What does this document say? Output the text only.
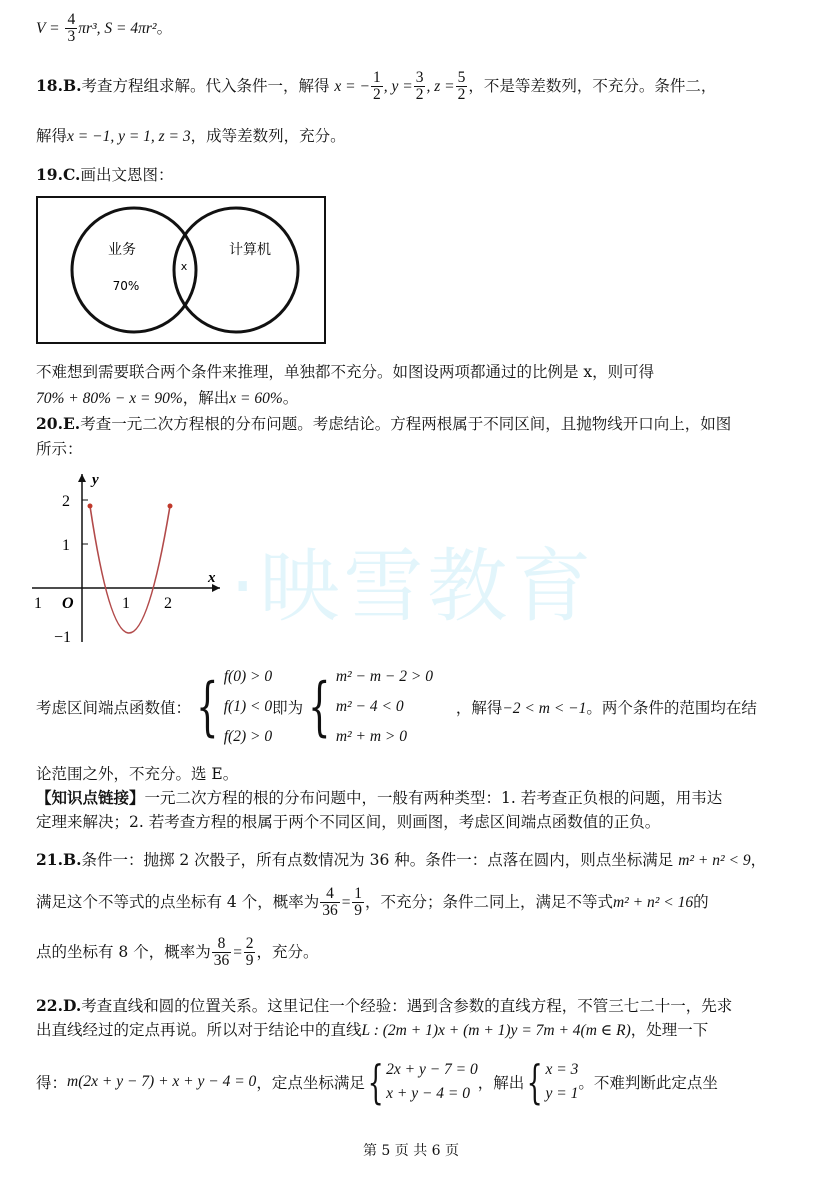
$V = \frac{4}{3} \pi r^3$, S = 4πr²。
18.B.考查方程组求解。代入条件一，解得 x = − $\frac{1}{2}$ , $y = \frac{3}{2}$ , $z = \frac{5}{2}$ ，不是等差数列，不充分。条件二，
解得x = −1, y = 1, z = 3，成等差数列，充分。
19.C.画出文恩图：
业务
70%
x
计算机
不难想到需要联合两个条件来推理，单独都不充分。如图设两项都通过的比例是 x，则可得
70% + 80% − x = 90%，解出x = 60%。
20.E.考查一元二次方程根的分布问题。考虑结论。方程两根属于不同区间，且抛物线开口向上，如图
所示：
·映雪教育
y
x
2
1
−1
O
1	1 2
考虑区间端点函数值：{ f(0) > 0
f(1) < 0
f(2) > 0
即为{ m² − m − 2 > 0
m² − 4 < 0
m² + m > 0
，解得−2 < m < −1。两个条件的范围均在结
论范围之外，不充分。选 E。
【知识点链接】一元二次方程的根的分布问题中，一般有两种类型：1. 若考查正负根的问题，用韦达
定理来解决；2. 若考查方程的根属于两个不同区间，则画图，考虑区间端点函数值的正负。
21.B.条件一：抛掷 2 次骰子，所有点数情况为 36 种。条件一：点落在圆内，则点坐标满足 m² + n² < 9，
满足这个不等式的点坐标有 4 个，概率为 $\frac{4}{36} = \frac{1}{9}$ ，不充分；条件二同上，满足不等式m² + n² < 16的
点的坐标有 8 个，概率为 $\frac{8}{36} = \frac{2}{9}$ ，充分。
22.D.考查直线和圆的位置关系。这里记住一个经验：遇到含参数的直线方程，不管三七二十一，先求
出直线经过的定点再说。所以对于结论中的直线L : (2m + 1)x + (m + 1)y = 7m + 4(m ∈ R)，处理一下
得：m(2x + y − 7) + x + y − 4 = 0，定点坐标满足{ 2x + y − 7 = 0
x + y − 4 = 0
，解出{ x = 3
y = 1
。不难判断此定点坐
第 5 页 共 6 页
